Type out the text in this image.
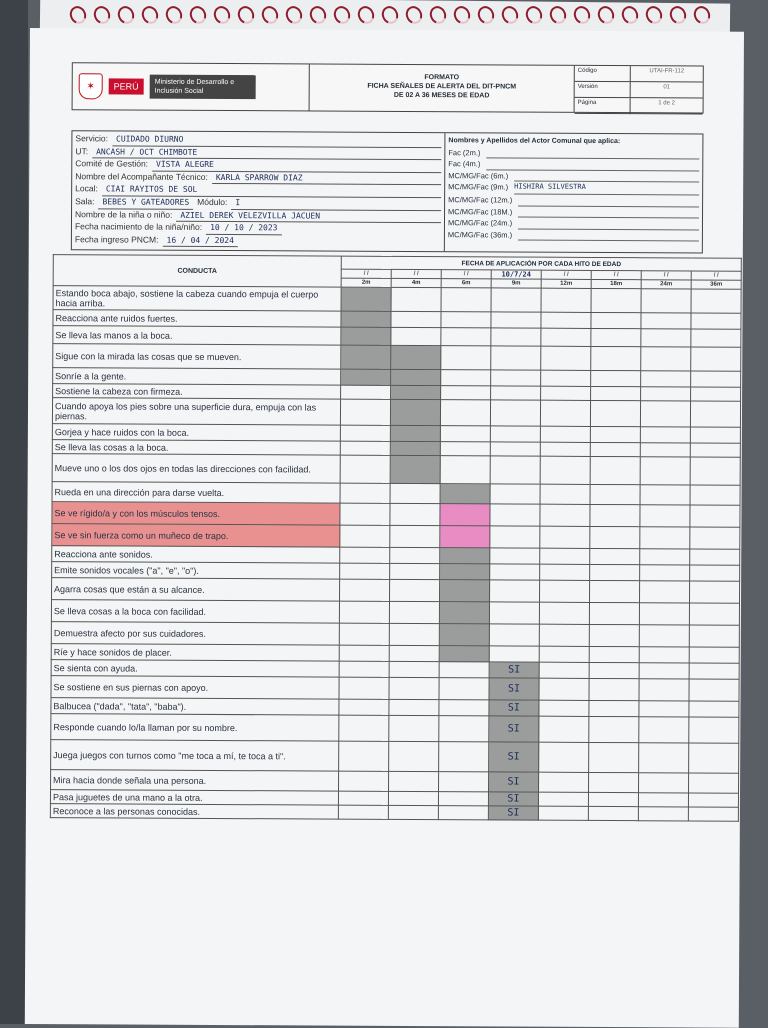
✶	PERÚ	Ministerio de Desarrollo e Inclusión Social
FORMATO
FICHA SEÑALES DE ALERTA DEL DIT-PNCM
DE 02 A 36 MESES DE EDAD
Código	UTAI-FR-112
Versión	01
Página	1 de 2
Servicio: CUIDADO DIURNO
UT: ANCASH / OCT CHIMBOTE
Comité de Gestión: VISTA ALEGRE
Nombre del Acompañante Técnico: KARLA SPARROW DIAZ
Local: CIAI RAYITOS DE SOL
Sala: BEBES Y GATEADORES Módulo: I
Nombre de la niña o niño: AZIEL DEREK VELEZVILLA JACUEN
Fecha nacimiento de la niña/niño: 10 / 10 / 2023
Fecha ingreso PNCM: 16 / 04 / 2024
Nombres y Apellidos del Actor Comunal que aplica:
Fac (2m.)
Fac (4m.)
MC/MG/Fac (6m.)
MC/MG/Fac (9m.) HISHIRA SILVESTRA
MC/MG/Fac (12m.)
MC/MG/Fac (18M.)
MC/MG/Fac (24m.)
MC/MG/Fac (36m.)
CONDUCTA	FECHA DE APLICACIÓN POR CADA HITO DE EDAD							
	/ /	/ /	/ /	10/7/24	/ /	/ /	/ /	/ /
	2m	4m	6m	9m	12m	18m	24m	36m
Estando boca abajo, sostiene la cabeza cuando empuja el cuerpo hacia arriba.								
Reacciona ante ruidos fuertes.								
Se lleva las manos a la boca.								
Sigue con la mirada las cosas que se mueven.								
Sonríe a la gente.								
Sostiene la cabeza con firmeza.								
Cuando apoya los pies sobre una superficie dura, empuja con las piernas.								
Gorjea y hace ruidos con la boca.								
Se lleva las cosas a la boca.								
Mueve uno o los dos ojos en todas las direcciones con facilidad.								
Rueda en una dirección para darse vuelta.								
Se ve rígido/a y con los músculos tensos.								
Se ve sin fuerza como un muñeco de trapo.								
Reacciona ante sonidos.								
Emite sonidos vocales ("a", "e", "o").								
Agarra cosas que están a su alcance.								
Se lleva cosas a la boca con facilidad.								
Demuestra afecto por sus cuidadores.								
Ríe y hace sonidos de placer.								
Se sienta con ayuda.				SI				
Se sostiene en sus piernas con apoyo.				SI				
Balbucea ("dada", "tata", "baba").				SI				
Responde cuando lo/la llaman por su nombre.				SI				
Juega juegos con turnos como "me toca a mí, te toca a ti".				SI				
Mira hacia donde señala una persona.				SI				
Pasa juguetes de una mano a la otra.				SI				
Reconoce a las personas conocidas.				SI				
